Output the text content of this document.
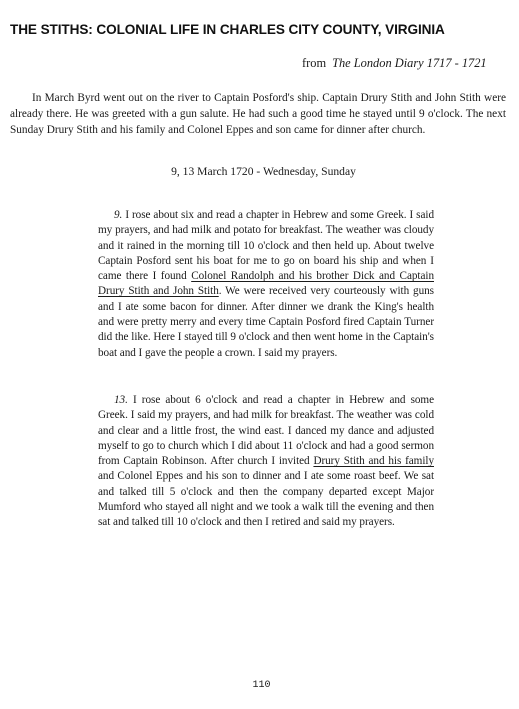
THE STITHS: COLONIAL LIFE IN CHARLES CITY COUNTY, VIRGINIA
from The London Diary 1717 - 1721

In March Byrd went out on the river to Captain Posford's ship. Captain Drury Stith and John Stith were already there. He was greeted with a gun salute. He had such a good time he stayed until 9 o'clock. The next Sunday Drury Stith and his family and Colonel Eppes and son came for dinner after church.

9, 13 March 1720 - Wednesday, Sunday

9. I rose about six and read a chapter in Hebrew and some Greek. I said my prayers, and had milk and potato for breakfast. The weather was cloudy and it rained in the morning till 10 o'clock and then held up. About twelve Captain Posford sent his boat for me to go on board his ship and when I came there I found Colonel Randolph and his brother Dick and Captain Drury Stith and John Stith. We were received very courteously with guns and I ate some bacon for dinner. After dinner we drank the King's health and were pretty merry and every time Captain Posford fired Captain Turner did the like. Here I stayed till 9 o'clock and then went home in the Captain's boat and I gave the people a crown. I said my prayers.

13. I rose about 6 o'clock and read a chapter in Hebrew and some Greek. I said my prayers, and had milk for breakfast. The weather was cold and clear and a little frost, the wind east. I danced my dance and adjusted myself to go to church which I did about 11 o'clock and had a good sermon from Captain Robinson. After church I invited Drury Stith and his family and Colonel Eppes and his son to dinner and I ate some roast beef. We sat and talked till 5 o'clock and then the company departed except Major Mumford who stayed all night and we took a walk till the evening and then sat and talked till 10 o'clock and then I retired and said my prayers.

110
